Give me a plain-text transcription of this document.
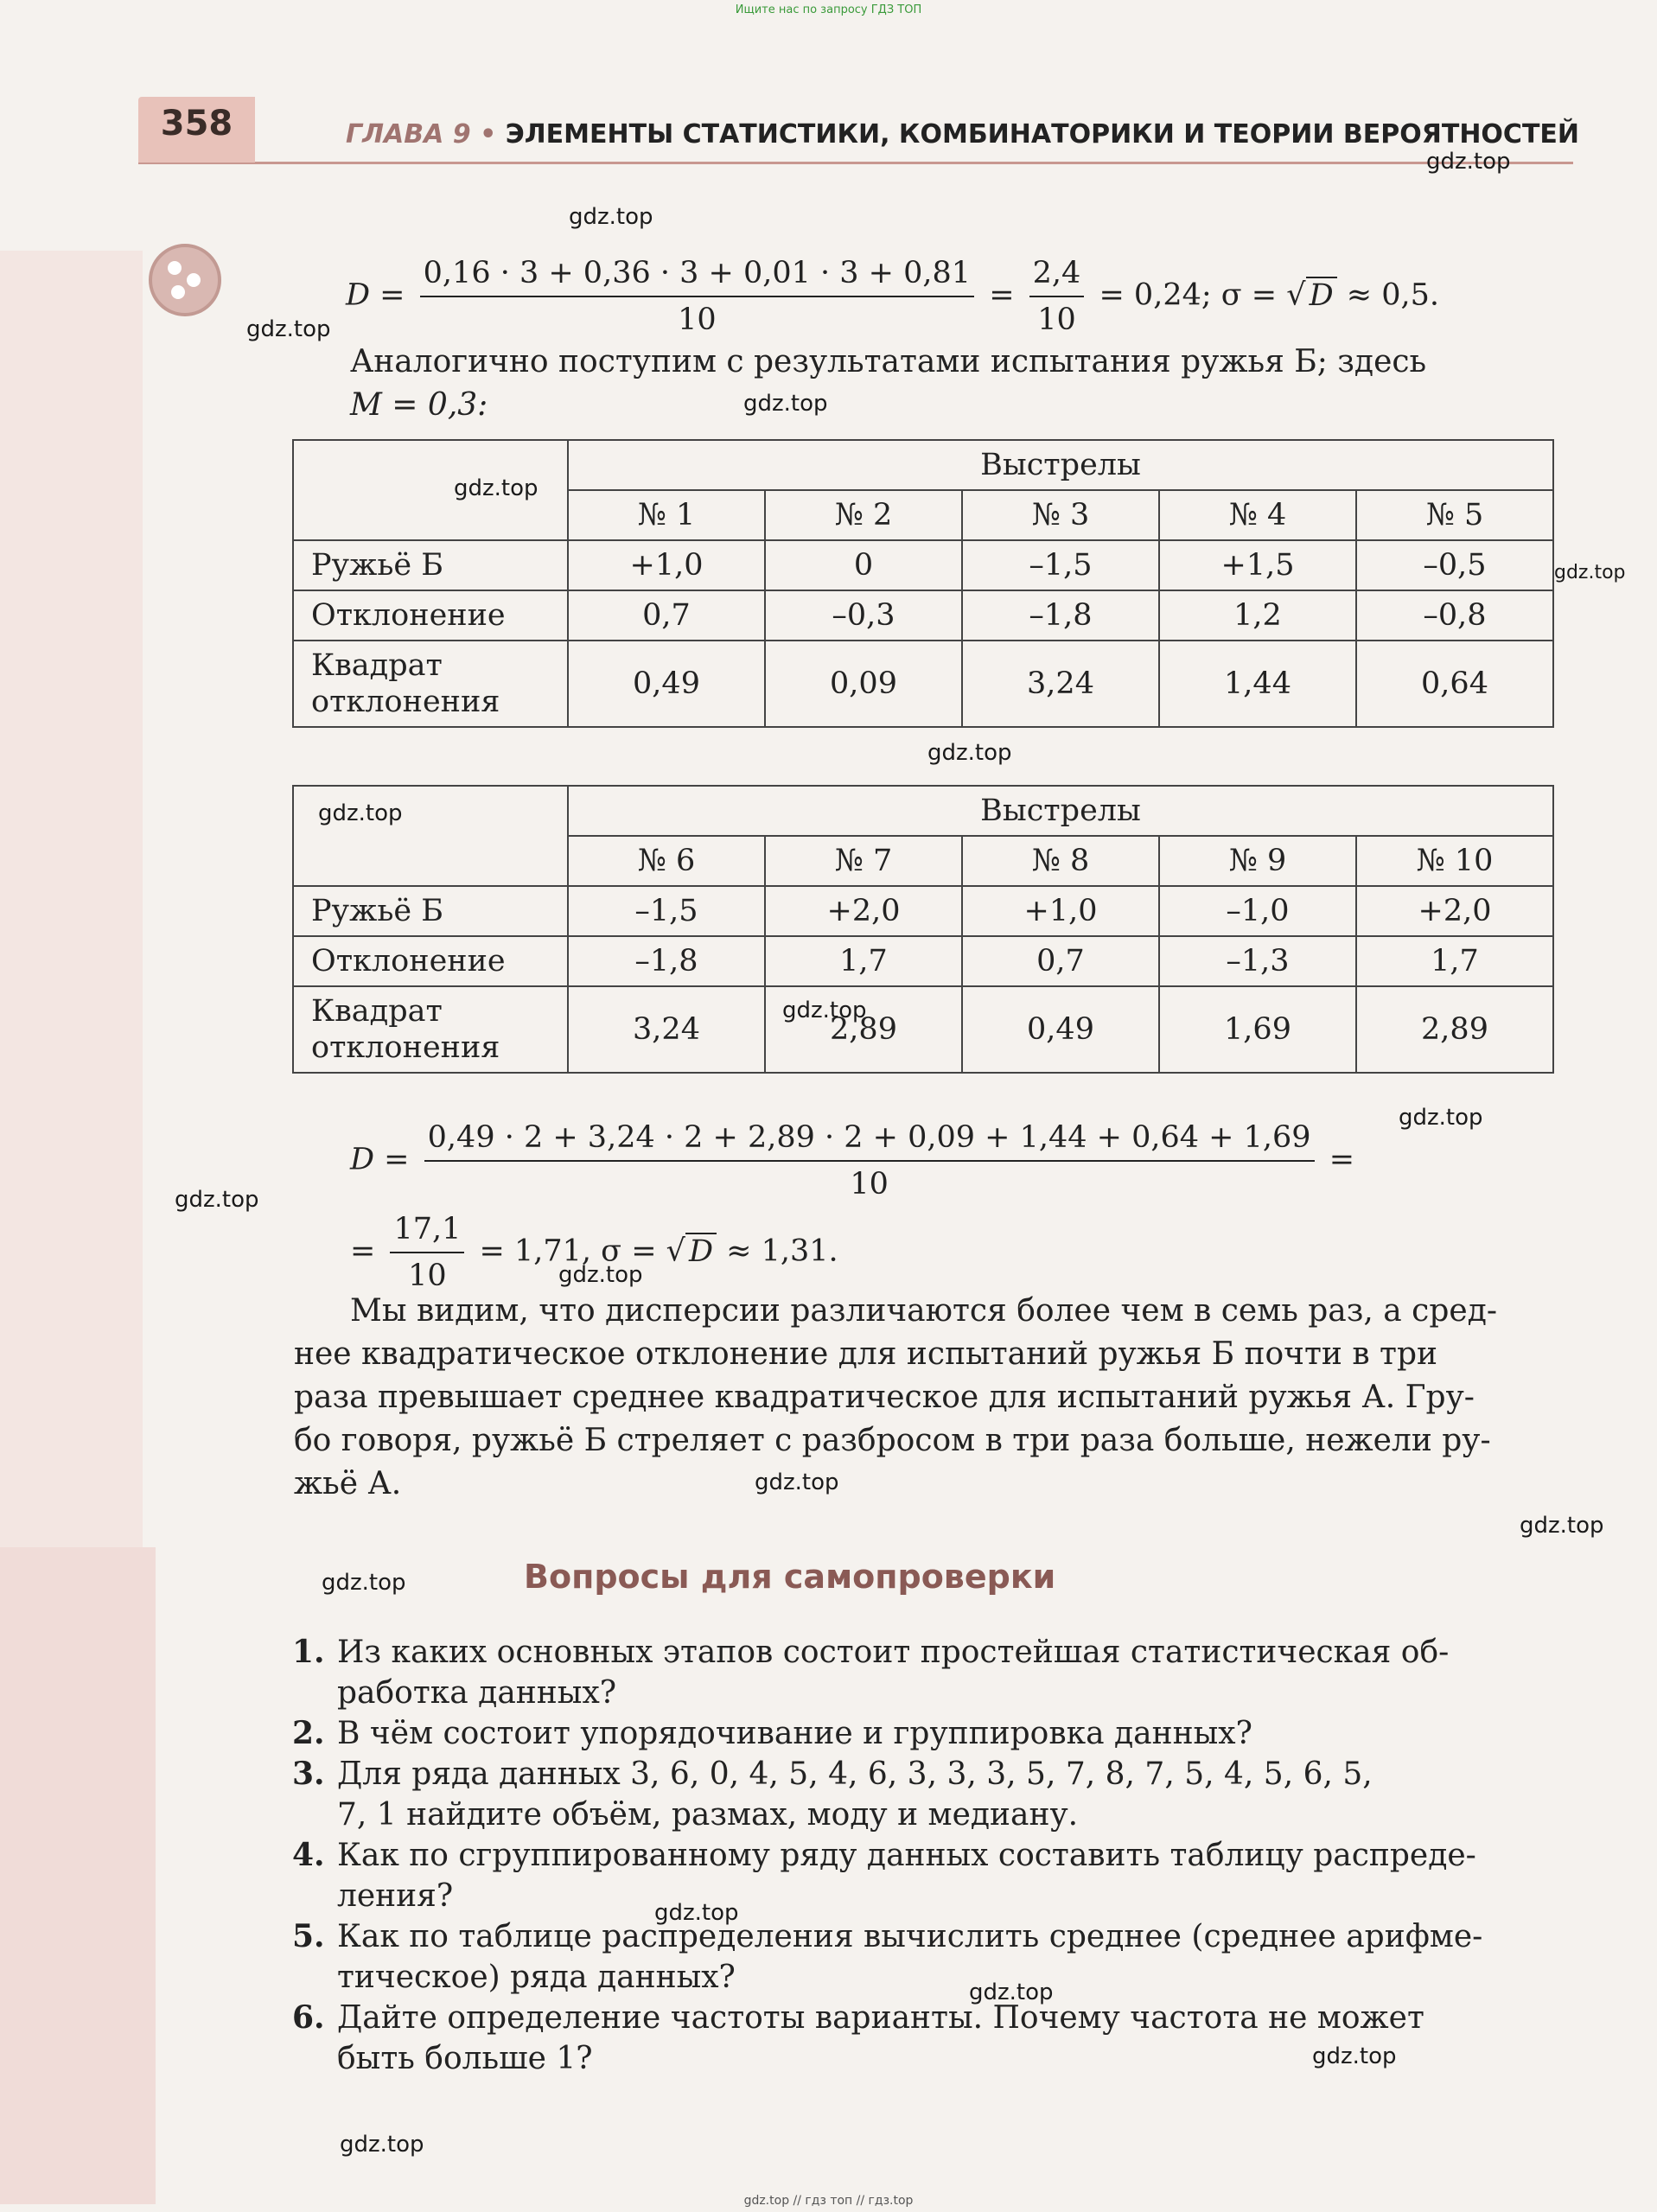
Ищите нас по запросу ГДЗ ТОП
358	ГЛАВА 9 • ЭЛЕМЕНТЫ СТАТИСТИКИ, КОМБИНАТОРИКИ И ТЕОРИИ ВЕРОЯТНОСТЕЙ
gdz.top
gdz.top
gdz.top
gdz.top
gdz.top
gdz.top
gdz.top
gdz.top
gdz.top
gdz.top
gdz.top
gdz.top
gdz.top
gdz.top
gdz.top
gdz.top
gdz.top
gdz.top
gdz.top
$D = \frac{0,16 \cdot 3 + 0,36 \cdot 3 + 0,01 \cdot 3 + 0,81}{10} = \frac{2,4}{10} = 0,24$; σ = √ D ≈ 0,5.
Аналогично поступим с результатами испытания ружья Б; здесь
M = 0,3:
	Выстрелы				
	№ 1	№ 2	№ 3	№ 4	№ 5
Ружьё Б	+1,0	0	–1,5	+1,5	–0,5
Отклонение	0,7	–0,3	–1,8	1,2	–0,8
Квадрат отклонения	0,49	0,09	3,24	1,44	0,64
	Выстрелы				
	№ 6	№ 7	№ 8	№ 9	№ 10
Ружьё Б	–1,5	+2,0	+1,0	–1,0	+2,0
Отклонение	–1,8	1,7	0,7	–1,3	1,7
Квадрат отклонения	3,24	2,89	0,49	1,69	2,89
$D = \frac{0,49 \cdot 2 + 3,24 \cdot 2 + 2,89 \cdot 2 + 0,09 + 1,44 + 0,64 + 1,69}{10}$ =
= $\frac{17,1}{10} = 1,71$, σ = √ D ≈ 1,31.
Мы видим, что дисперсии различаются более чем в семь раз, а сред-
нее квадратическое отклонение для испытаний ружья Б почти в три
раза превышает среднее квадратическое для испытаний ружья А. Гру-
бо говоря, ружьё Б стреляет с разбросом в три раза больше, нежели ру-
жьё А.
Вопросы для самопроверки
1. Из каких основных этапов состоит простейшая статистическая об-
работка данных?
2. В чём состоит упорядочивание и группировка данных?
3. Для ряда данных 3, 6, 0, 4, 5, 4, 6, 3, 3, 3, 5, 7, 8, 7, 5, 4, 5, 6, 5,
7, 1 найдите объём, размах, моду и медиану.
4. Как по сгруппированному ряду данных составить таблицу распреде-
ления?
5. Как по таблице распределения вычислить среднее (среднее арифме-
тическое) ряда данных?
6. Дайте определение частоты варианты. Почему частота не может
быть больше 1?
gdz.top // гдз топ // гдз.top
